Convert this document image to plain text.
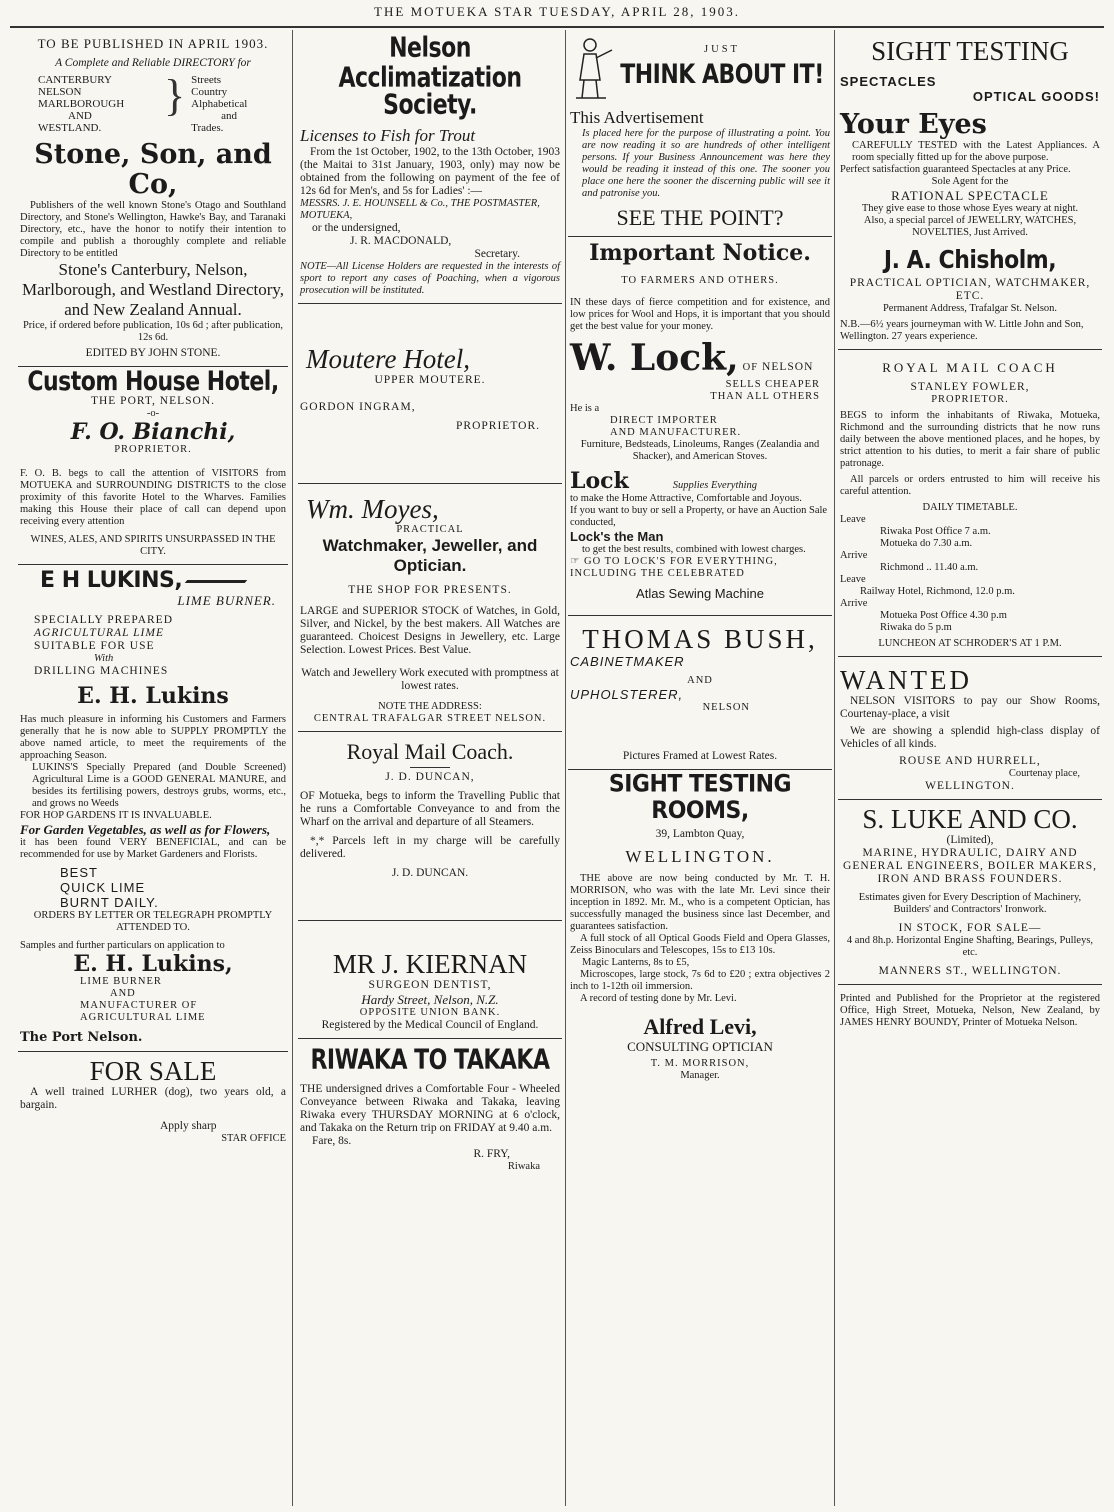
THE MOTUEKA STAR TUESDAY, APRIL 28, 1903.

TO BE PUBLISHED IN APRIL 1903.

A Complete and Reliable DIRECTORY for

CANTERBURY
NELSON
MARLBOROUGH
AND
WESTLAND.
} Streets
Country
Alphabetical
and
Trades.

Stone, Son, and Co,

Publishers of the well known Stone's Otago and Southland Directory, and Stone's Wellington, Hawke's Bay, and Taranaki Directory, etc., have the honor to notify their intention to compile and publish a thoroughly complete and reliable Directory to be entitled

Stone's Canterbury, Nelson, Marlborough, and Westland Directory, and New Zealand Annual.

Price, if ordered before publication, 10s 6d ; after publication, 12s 6d.

EDITED BY JOHN STONE.

Custom House Hotel,

THE PORT, NELSON.

-o-

F. O. Bianchi,

PROPRIETOR.

F. O. B. begs to call the attention of VISITORS from MOTUEKA and SURROUNDING DISTRICTS to the close proximity of this favorite Hotel to the Wharves. Families making this House their place of call can depend upon receiving every attention

WINES, ALES, AND SPIRITS UNSURPASSED IN THE CITY.

E H LUKINS,

LIME BURNER.

SPECIALLY PREPARED

AGRICULTURAL LIME

SUITABLE FOR USE

With

DRILLING MACHINES

E. H. Lukins

Has much pleasure in informing his Customers and Farmers generally that he is now able to SUPPLY PROMPTLY the above named article, to meet the requirements of the approaching Season.

LUKINS'S Specially Prepared (and Double Screened) Agricultural Lime is a GOOD GENERAL MANURE, and besides its fertilising powers, destroys grubs, worms, etc., and grows no Weeds

FOR HOP GARDENS IT IS INVALUABLE.

For Garden Vegetables, as well as for Flowers,

it has been found VERY BENEFICIAL, and can be recommended for use by Market Gardeners and Florists.

BEST

QUICK LIME

BURNT DAILY.

ORDERS BY LETTER OR TELEGRAPH PROMPTLY ATTENDED TO.

Samples and further particulars on application to

E. H. Lukins,

LIME BURNER

AND

MANUFACTURER OF

AGRICULTURAL LIME

The Port Nelson.

FOR SALE

A well trained LURHER (dog), two years old, a bargain.

Apply sharp

STAR OFFICE

Nelson Acclimatization

Society.

Licenses to Fish for Trout

From the 1st October, 1902, to the 13th October, 1903 (the Maitai to 31st January, 1903, only) may now be obtained from the following on payment of the fee of 12s 6d for Men's, and 5s for Ladies' :—

MESSRS. J. E. HOUNSELL & Co., THE POSTMASTER, MOTUEKA,

or the undersigned,

J. R. MACDONALD,

Secretary.

NOTE—All License Holders are requested in the interests of sport to report any cases of Poaching, when a vigorous prosecution will be instituted.

Moutere Hotel,

UPPER MOUTERE.

GORDON INGRAM,

PROPRIETOR.

Wm. Moyes,

PRACTICAL

Watchmaker, Jeweller, and Optician.

THE SHOP FOR PRESENTS.

LARGE and SUPERIOR STOCK of Watches, in Gold, Silver, and Nickel, by the best makers. All Watches are guaranteed. Choicest Designs in Jewellery, etc. Large Selection. Lowest Prices. Best Value.

Watch and Jewellery Work executed with promptness at lowest rates.

NOTE THE ADDRESS:

CENTRAL TRAFALGAR STREET NELSON.

Royal Mail Coach.

J. D. DUNCAN,

OF Motueka, begs to inform the Travelling Public that he runs a Comfortable Conveyance to and from the Wharf on the arrival and departure of all Steamers.

*,* Parcels left in my charge will be carefully delivered.

J. D. DUNCAN.

MR J. KIERNAN

SURGEON DENTIST,

Hardy Street, Nelson, N.Z.

OPPOSITE UNION BANK.

Registered by the Medical Council of England.

RIWAKA TO TAKAKA

THE undersigned drives a Comfortable Four - Wheeled Conveyance between Riwaka and Takaka, leaving Riwaka every THURSDAY MORNING at 6 o'clock, and Takaka on the Return trip on FRIDAY at 9.40 a.m.

Fare, 8s.

R. FRY,

Riwaka

JUST

THINK ABOUT IT!

This Advertisement

Is placed here for the purpose of illustrating a point. You are now reading it so are hundreds of other intelligent persons. If your Business Announcement was here they would be reading it instead of this one. The sooner you place one here the sooner the discerning public will see it and patronise you.

SEE THE POINT?

Important Notice.

TO FARMERS AND OTHERS.

IN these days of fierce competition and for existence, and low prices for Wool and Hops, it is important that you should get the best value for your money.

W. Lock, OF NELSON

SELLS CHEAPER

THAN ALL OTHERS

He is a

DIRECT IMPORTER

AND MANUFACTURER.

Furniture, Bedsteads, Linoleums, Ranges (Zealandia and Shacker), and American Stoves.

Lock	Supplies Everything

to make the Home Attractive, Comfortable and Joyous.

If you want to buy or sell a Property, or have an Auction Sale conducted,

Lock's the Man

to get the best results, combined with lowest charges.

☞ GO TO LOCK'S FOR EVERYTHING, INCLUDING THE CELEBRATED

Atlas Sewing Machine

THOMAS BUSH,

CABINETMAKER

AND

UPHOLSTERER,

NELSON

Pictures Framed at Lowest Rates.

SIGHT TESTING ROOMS,

39, Lambton Quay,

WELLINGTON.

THE above are now being conducted by Mr. T. H. MORRISON, who was with the late Mr. Levi since their inception in 1892. Mr. M., who is a competent Optician, has successfully managed the business since last December, and guarantees satisfaction.

A full stock of all Optical Goods Field and Opera Glasses, Zeiss Binoculars and Telescopes, 15s to £13 10s.

Magic Lanterns, 8s to £5,

Microscopes, large stock, 7s 6d to £20 ; extra objectives 2 inch to 1-12th oil immersion.

A record of testing done by Mr. Levi.

Alfred Levi,

CONSULTING OPTICIAN

T. M. MORRISON,

Manager.

SIGHT TESTING

SPECTACLES

OPTICAL GOODS!

Your Eyes

CAREFULLY TESTED with the Latest Appliances. A room specially fitted up for the above purpose.

Perfect satisfaction guaranteed Spectacles at any Price.

Sole Agent for the

RATIONAL SPECTACLE

They give ease to those whose Eyes weary at night.

Also, a special parcel of JEWELLRY, WATCHES, NOVELTIES, Just Arrived.

J. A. Chisholm,

PRACTICAL OPTICIAN, WATCHMAKER, ETC.

Permanent Address, Trafalgar St. Nelson.

N.B.—6½ years journeyman with W. Little John and Son, Wellington. 27 years experience.

ROYAL MAIL COACH

STANLEY FOWLER,

PROPRIETOR.

BEGS to inform the inhabitants of Riwaka, Motueka, Richmond and the surrounding districts that he now runs daily between the above mentioned places, and he hopes, by strict attention to his duties, to merit a fair share of public patronage.

All parcels or orders entrusted to him will receive his careful attention.

DAILY TIMETABLE.

Leave

Riwaka Post Office 7 a.m.

Motueka do 7.30 a.m.

Arrive

Richmond .. 11.40 a.m.

Leave

Railway Hotel, Richmond, 12.0 p.m.

Arrive

Motueka Post Office 4.30 p.m

Riwaka do 5 p.m

LUNCHEON AT SCHRODER'S AT 1 P.M.

WANTED

NELSON VISITORS to pay our Show Rooms, Courtenay-place, a visit

We are showing a splendid high-class display of Vehicles of all kinds.

ROUSE AND HURRELL,

Courtenay place,

WELLINGTON.

S. LUKE AND CO.

(Limited),

MARINE, HYDRAULIC, DAIRY AND GENERAL ENGINEERS, BOILER MAKERS, IRON AND BRASS FOUNDERS.

Estimates given for Every Description of Machinery, Builders' and Contractors' Ironwork.

IN STOCK, FOR SALE—

4 and 8h.p. Horizontal Engine Shafting, Bearings, Pulleys, etc.

MANNERS ST., WELLINGTON.

Printed and Published for the Proprietor at the registered Office, High Street, Motueka, Nelson, New Zealand, by JAMES HENRY BOUNDY, Printer of Motueka Nelson.
